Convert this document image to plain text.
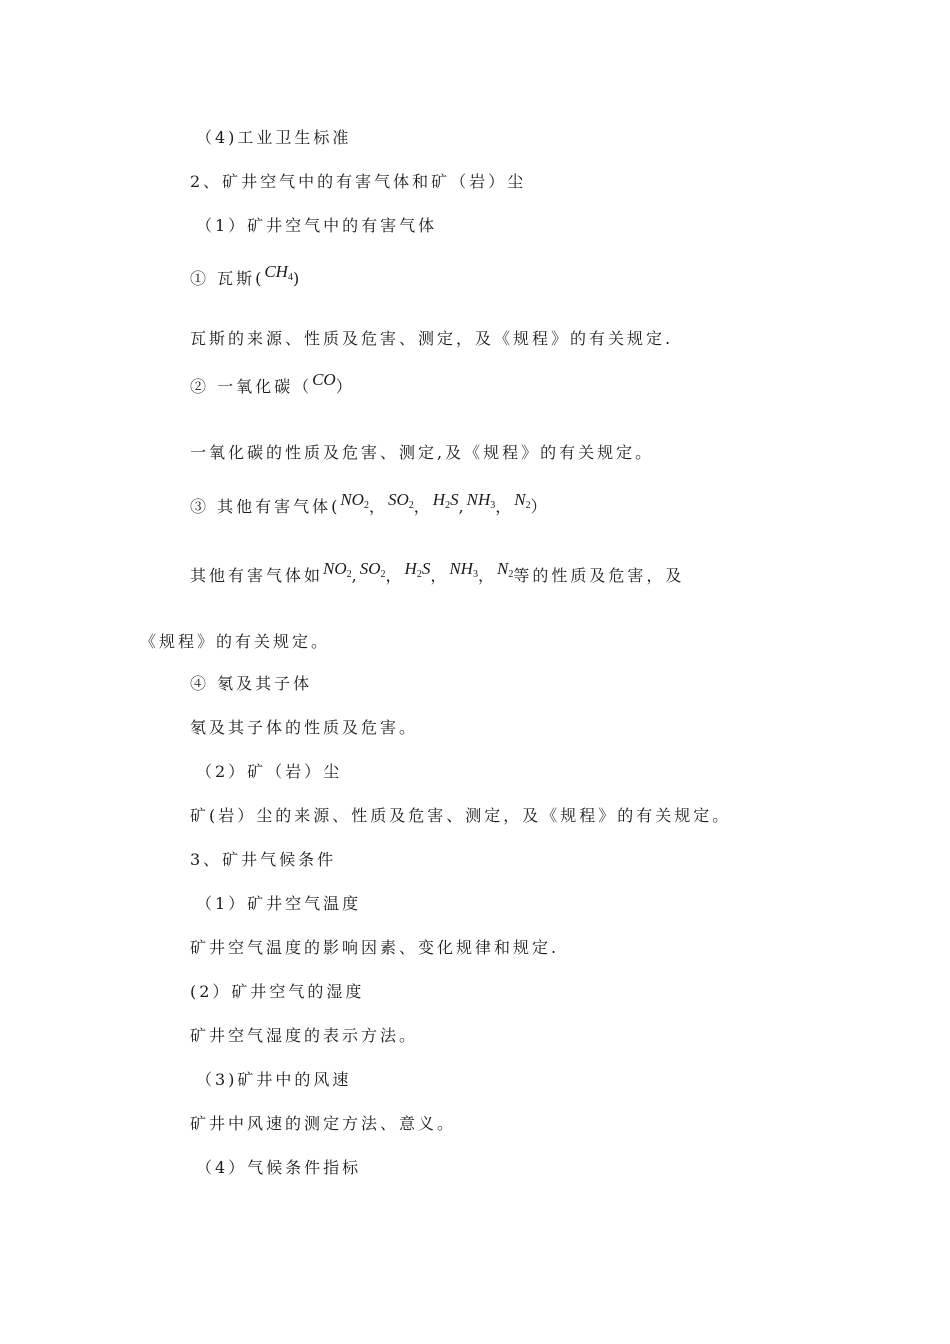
（4)工业卫生标准
2、矿井空气中的有害气体和矿（岩）尘
（1）矿井空气中的有害气体
① 瓦斯$(CH_4)$
瓦斯的来源、性质及危害、测定，及《规程》的有关规定.
② 一氧化碳（CO）
一氧化碳的性质及危害、测定,及《规程》的有关规定。
③ 其他有害气体($NO_2$，$SO_2$，$H_2S,NH_3$，$N_2$）
其他有害气体如$NO_2,SO_2$，$H_2S$，$NH_3$，$N_2$等的性质及危害，及
《规程》的有关规定。
④ 氡及其子体
氡及其子体的性质及危害。
（2）矿（岩）尘
矿(岩）尘的来源、性质及危害、测定，及《规程》的有关规定。
3、矿井气候条件
（1）矿井空气温度
矿井空气温度的影响因素、变化规律和规定.
(2）矿井空气的湿度
矿井空气湿度的表示方法。
（3)矿井中的风速
矿井中风速的测定方法、意义。
（4）气候条件指标
